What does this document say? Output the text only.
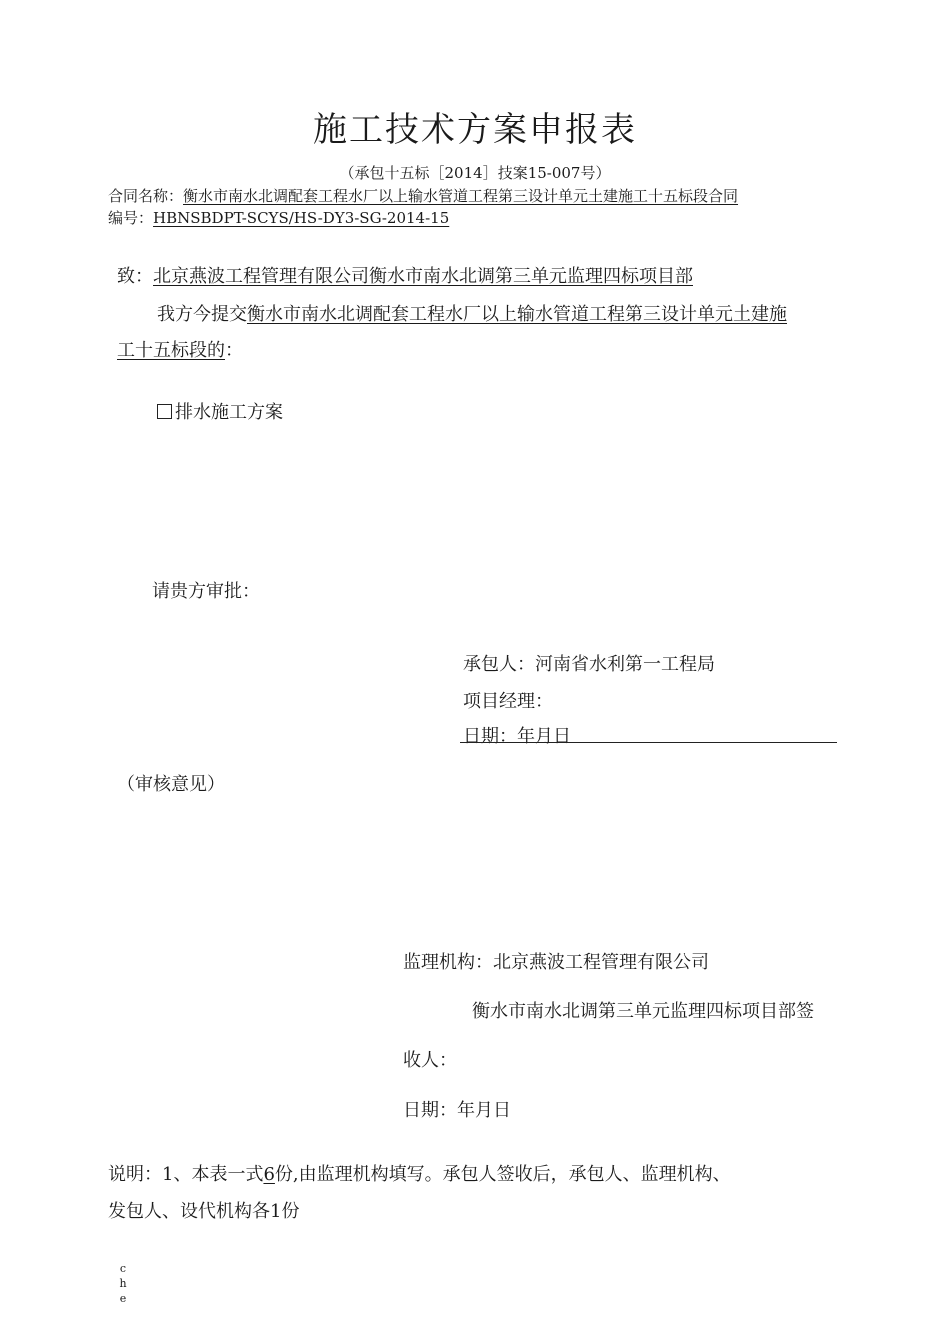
施工技术方案申报表
（承包十五标［2014］技案15-007号）
合同名称：衡水市南水北调配套工程水厂以上输水管道工程第三设计单元土建施工十五标段合同
编号：HBNSBDPT-SCYS/HS-DY3-SG-2014-15
致：北京燕波工程管理有限公司衡水市南水北调第三单元监理四标项目部
我方今提交衡水市南水北调配套工程水厂以上输水管道工程第三设计单元土建施
工十五标段的：
排水施工方案
请贵方审批：
承包人：河南省水利第一工程局
项目经理：
日期：年月日
（审核意见）
监理机构：北京燕波工程管理有限公司
衡水市南水北调第三单元监理四标项目部签
收人：
日期：年月日
说明：1、本表一式6份,由监理机构填写。承包人签收后，承包人、监理机构、
发包人、设代机构各1份
c
h
e
